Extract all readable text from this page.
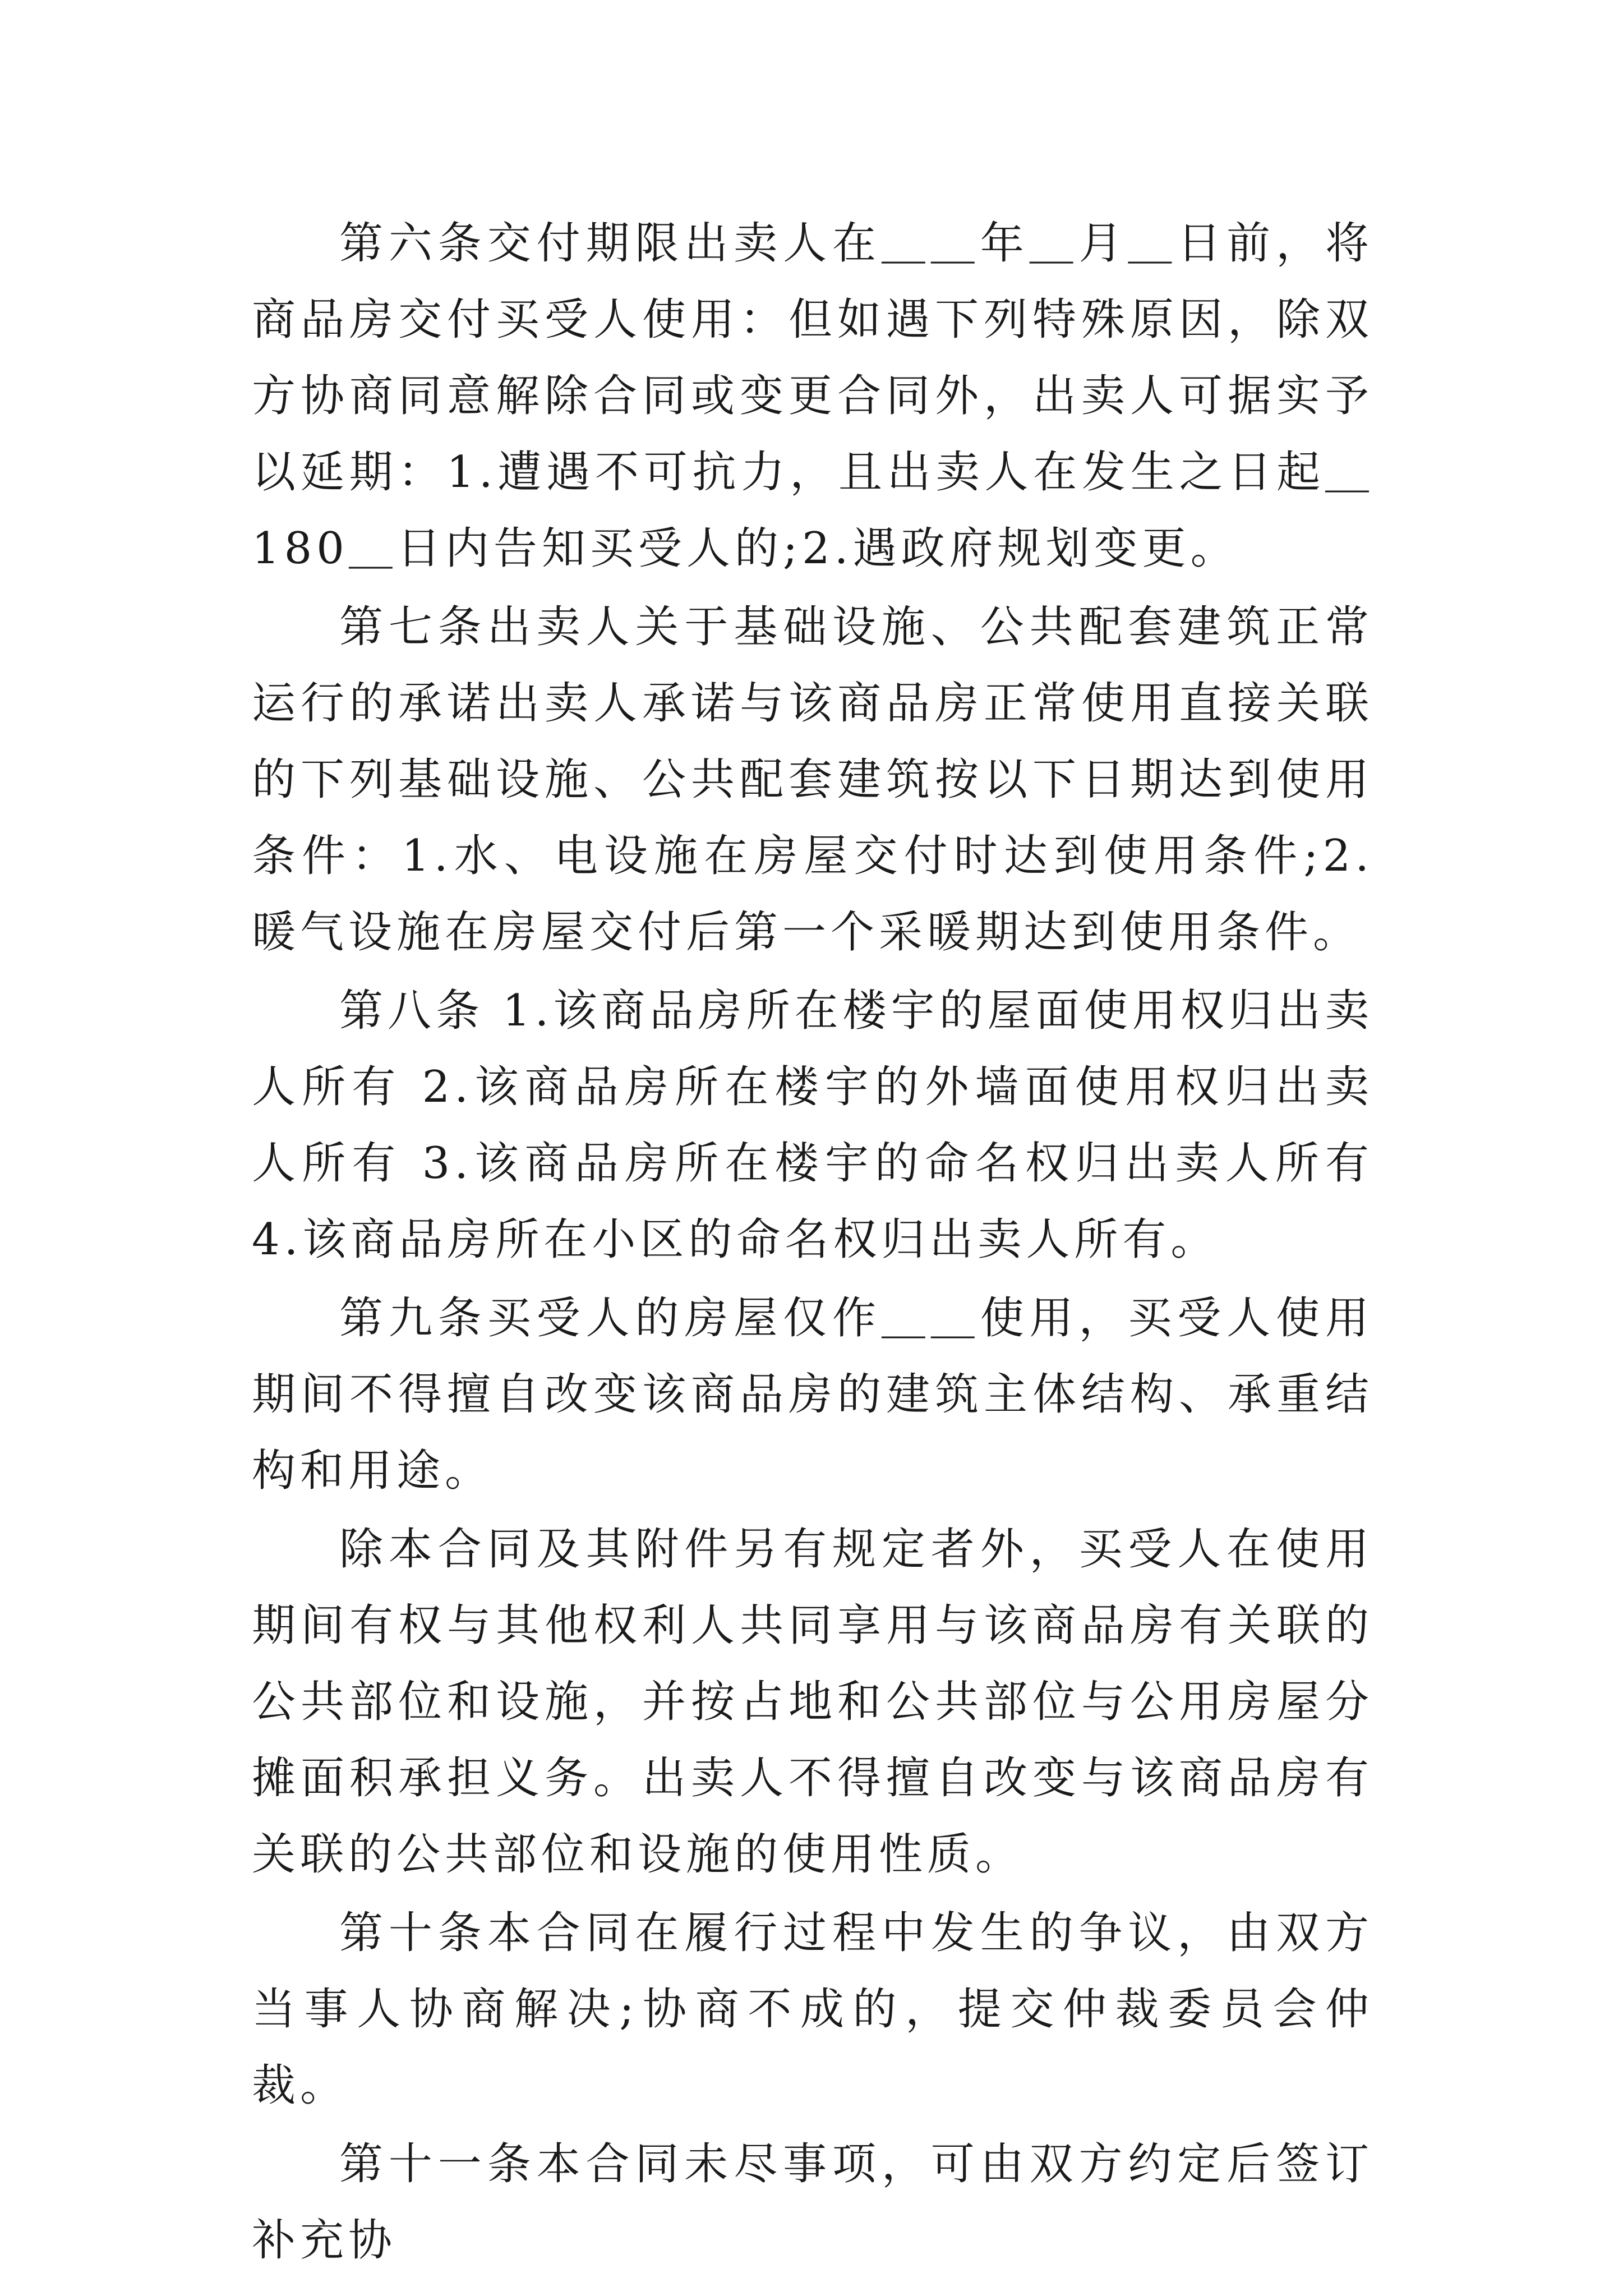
第六条交付期限出卖人在＿＿年＿月＿日前，将商品房交付买受人使用：但如遇下列特殊原因，除双方协商同意解除合同或变更合同外，出卖人可据实予以延期：1.遭遇不可抗力，且出卖人在发生之日起＿180＿日内告知买受人的;2.遇政府规划变更。

第七条出卖人关于基础设施、公共配套建筑正常运行的承诺出卖人承诺与该商品房正常使用直接关联的下列基础设施、公共配套建筑按以下日期达到使用条件：1.水、电设施在房屋交付时达到使用条件;2.暖气设施在房屋交付后第一个采暖期达到使用条件。

第八条 1.该商品房所在楼宇的屋面使用权归出卖人所有 2.该商品房所在楼宇的外墙面使用权归出卖人所有 3.该商品房所在楼宇的命名权归出卖人所有 4.该商品房所在小区的命名权归出卖人所有。

第九条买受人的房屋仅作＿＿使用，买受人使用期间不得擅自改变该商品房的建筑主体结构、承重结构和用途。

除本合同及其附件另有规定者外，买受人在使用期间有权与其他权利人共同享用与该商品房有关联的公共部位和设施，并按占地和公共部位与公用房屋分摊面积承担义务。出卖人不得擅自改变与该商品房有关联的公共部位和设施的使用性质。

第十条本合同在履行过程中发生的争议，由双方当事人协商解决;协商不成的，提交仲裁委员会仲裁。

第十一条本合同未尽事项，可由双方约定后签订补充协
